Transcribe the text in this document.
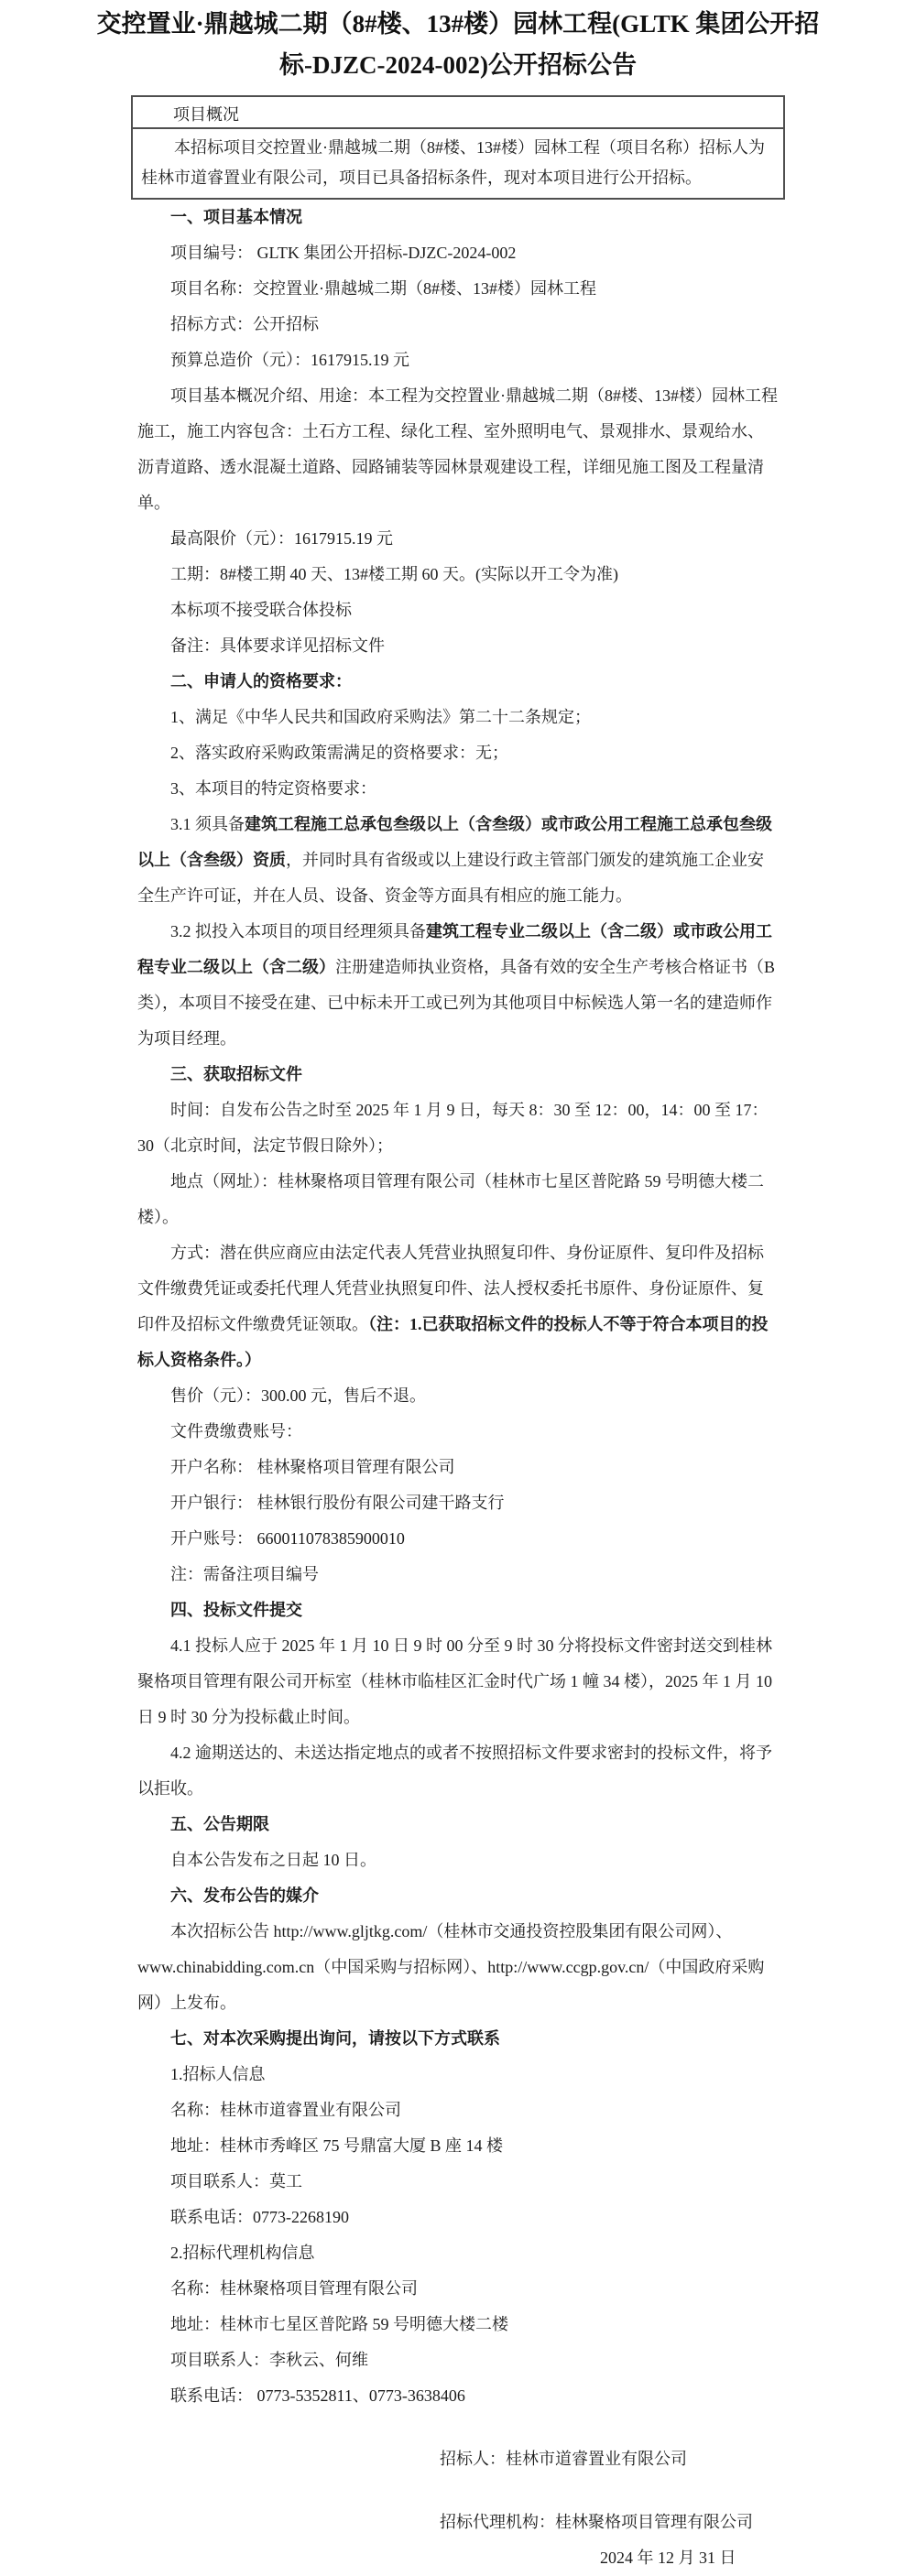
交控置业·鼎越城二期（8#楼、13#楼）园林工程(GLTK 集团公开招标-DJZC-2024-002)公开招标公告
项目概况
本招标项目交控置业·鼎越城二期（8#楼、13#楼）园林工程（项目名称）招标人为桂林市道睿置业有限公司，项目已具备招标条件，现对本项目进行公开招标。
一、项目基本情况

项目编号： GLTK 集团公开招标-DJZC-2024-002

项目名称：交控置业·鼎越城二期（8#楼、13#楼）园林工程

招标方式：公开招标

预算总造价（元）：1617915.19 元

项目基本概况介绍、用途：本工程为交控置业·鼎越城二期（8#楼、13#楼）园林工程施工，施工内容包含：土石方工程、绿化工程、室外照明电气、景观排水、景观给水、沥青道路、透水混凝土道路、园路铺装等园林景观建设工程，详细见施工图及工程量清单。

最高限价（元）：1617915.19 元

工期：8#楼工期 40 天、13#楼工期 60 天。(实际以开工令为准)

本标项不接受联合体投标

备注：具体要求详见招标文件

二、申请人的资格要求：

1、满足《中华人民共和国政府采购法》第二十二条规定；

2、落实政府采购政策需满足的资格要求：无；

3、本项目的特定资格要求：

3.1 须具备建筑工程施工总承包叁级以上（含叁级）或市政公用工程施工总承包叁级以上（含叁级）资质，并同时具有省级或以上建设行政主管部门颁发的建筑施工企业安全生产许可证，并在人员、设备、资金等方面具有相应的施工能力。

3.2 拟投入本项目的项目经理须具备建筑工程专业二级以上（含二级）或市政公用工程专业二级以上（含二级）注册建造师执业资格，具备有效的安全生产考核合格证书（B 类），本项目不接受在建、已中标未开工或已列为其他项目中标候选人第一名的建造师作为项目经理。

三、获取招标文件

时间：自发布公告之时至 2025 年 1 月 9 日，每天 8：30 至 12：00，14：00 至 17：30（北京时间，法定节假日除外）；

地点（网址）：桂林聚格项目管理有限公司（桂林市七星区普陀路 59 号明德大楼二楼）。

方式：潜在供应商应由法定代表人凭营业执照复印件、身份证原件、复印件及招标文件缴费凭证或委托代理人凭营业执照复印件、法人授权委托书原件、身份证原件、复印件及招标文件缴费凭证领取。（注：1.已获取招标文件的投标人不等于符合本项目的投标人资格条件。）

售价（元）：300.00 元，售后不退。

文件费缴费账号：

开户名称： 桂林聚格项目管理有限公司

开户银行： 桂林银行股份有限公司建干路支行

开户账号： 660011078385900010

注：需备注项目编号

四、投标文件提交

4.1 投标人应于 2025 年 1 月 10 日 9 时 00 分至 9 时 30 分将投标文件密封送交到桂林聚格项目管理有限公司开标室（桂林市临桂区汇金时代广场 1 幢 34 楼），2025 年 1 月 10 日 9 时 30 分为投标截止时间。

4.2 逾期送达的、未送达指定地点的或者不按照招标文件要求密封的投标文件，将予以拒收。

五、公告期限

自本公告发布之日起 10 日。

六、发布公告的媒介

本次招标公告 http://www.gljtkg.com/（桂林市交通投资控股集团有限公司网）、www.chinabidding.com.cn（中国采购与招标网）、http://www.ccgp.gov.cn/（中国政府采购网）上发布。

七、对本次采购提出询问，请按以下方式联系

1.招标人信息

名称：桂林市道睿置业有限公司

地址：桂林市秀峰区 75 号鼎富大厦 B 座 14 楼

项目联系人：莫工

联系电话：0773-2268190

2.招标代理机构信息

名称：桂林聚格项目管理有限公司

地址：桂林市七星区普陀路 59 号明德大楼二楼

项目联系人：李秋云、何维

联系电话： 0773-5352811、0773-3638406

招标人：桂林市道睿置业有限公司

招标代理机构：桂林聚格项目管理有限公司

2024 年 12 月 31 日
